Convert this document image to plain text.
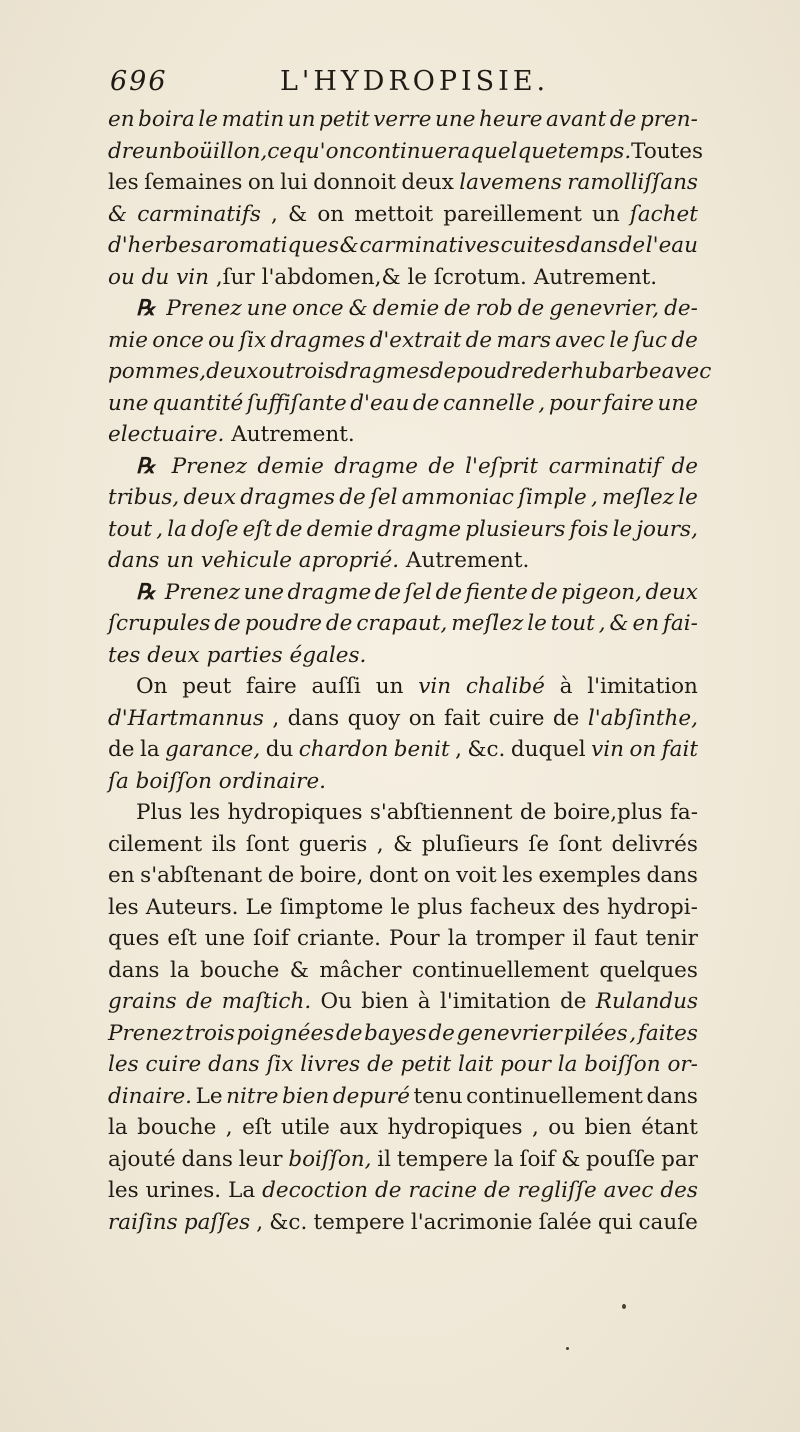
696	L'HYDROPISIE.
en boira le matin un petit verre une heure avant de pren-
dre un boüillon, ce qu'on continuera quelque temps. Toutes
les ſemaines on lui donnoit deux lavemens ramolliſſans
& carminatifs , & on mettoit pareillement un ſachet
d'herbes aromatiques & carminatives cuites dans de l'eau
ou
du
vin
,ſur
l'abdomen,&
le
ſcrotum.
Autrement.
℞ Prenez une once & demie de rob de genevrier, de-
mie once ou ſix dragmes d'extrait de mars avec le ſuc de
pommes, deux ou trois dragmes de poudre de rhubarbe avec
une quantité ſuffiſante d'eau de cannelle , pour faire une
electuaire.
Autrement.
℞ Prenez demie dragme de l'eſprit carminatif de
tribus, deux dragmes de ſel ammoniac ſimple , meſlez le
tout , la doſe eſt de demie dragme plusieurs fois le jours,
dans
un
vehicule
aproprié.
Autrement.
℞ Prenez une dragme de ſel de fiente de pigeon, deux
ſcrupules de poudre de crapaut, meſlez le tout , & en fai-
tes
deux
parties
égales.
On peut faire auſſi un vin chalibé à l'imitation
d'Hartmannus , dans quoy on fait cuire de l'abſinthe,
de la garance, du chardon benit , &c. duquel vin on fait
ſa
boiſſon
ordinaire.
Plus les hydropiques s'abſtiennent de boire,plus fa-
cilement ils ſont gueris , & pluſieurs ſe ſont delivrés
en s'abſtenant de boire, dont on voit les exemples dans
les Auteurs. Le ſimptome le plus facheux des hydropi-
ques eſt une ſoif criante. Pour la tromper il faut tenir
dans la bouche & mâcher continuellement quelques
grains de maſtich. Ou bien à l'imitation de Rulandus
Prenez trois poignées de bayes de genevrier pilées , faites
les cuire dans ſix livres de petit lait pour la boiſſon or-
dinaire. Le nitre bien depuré tenu continuellement dans
la bouche , eſt utile aux hydropiques , ou bien étant
ajouté dans leur boiſſon, il tempere la ſoif & pouſſe par
les urines. La decoction de racine de regliſſe avec des
raiſins paſſes , &c. tempere l'acrimonie ſalée qui cauſe
